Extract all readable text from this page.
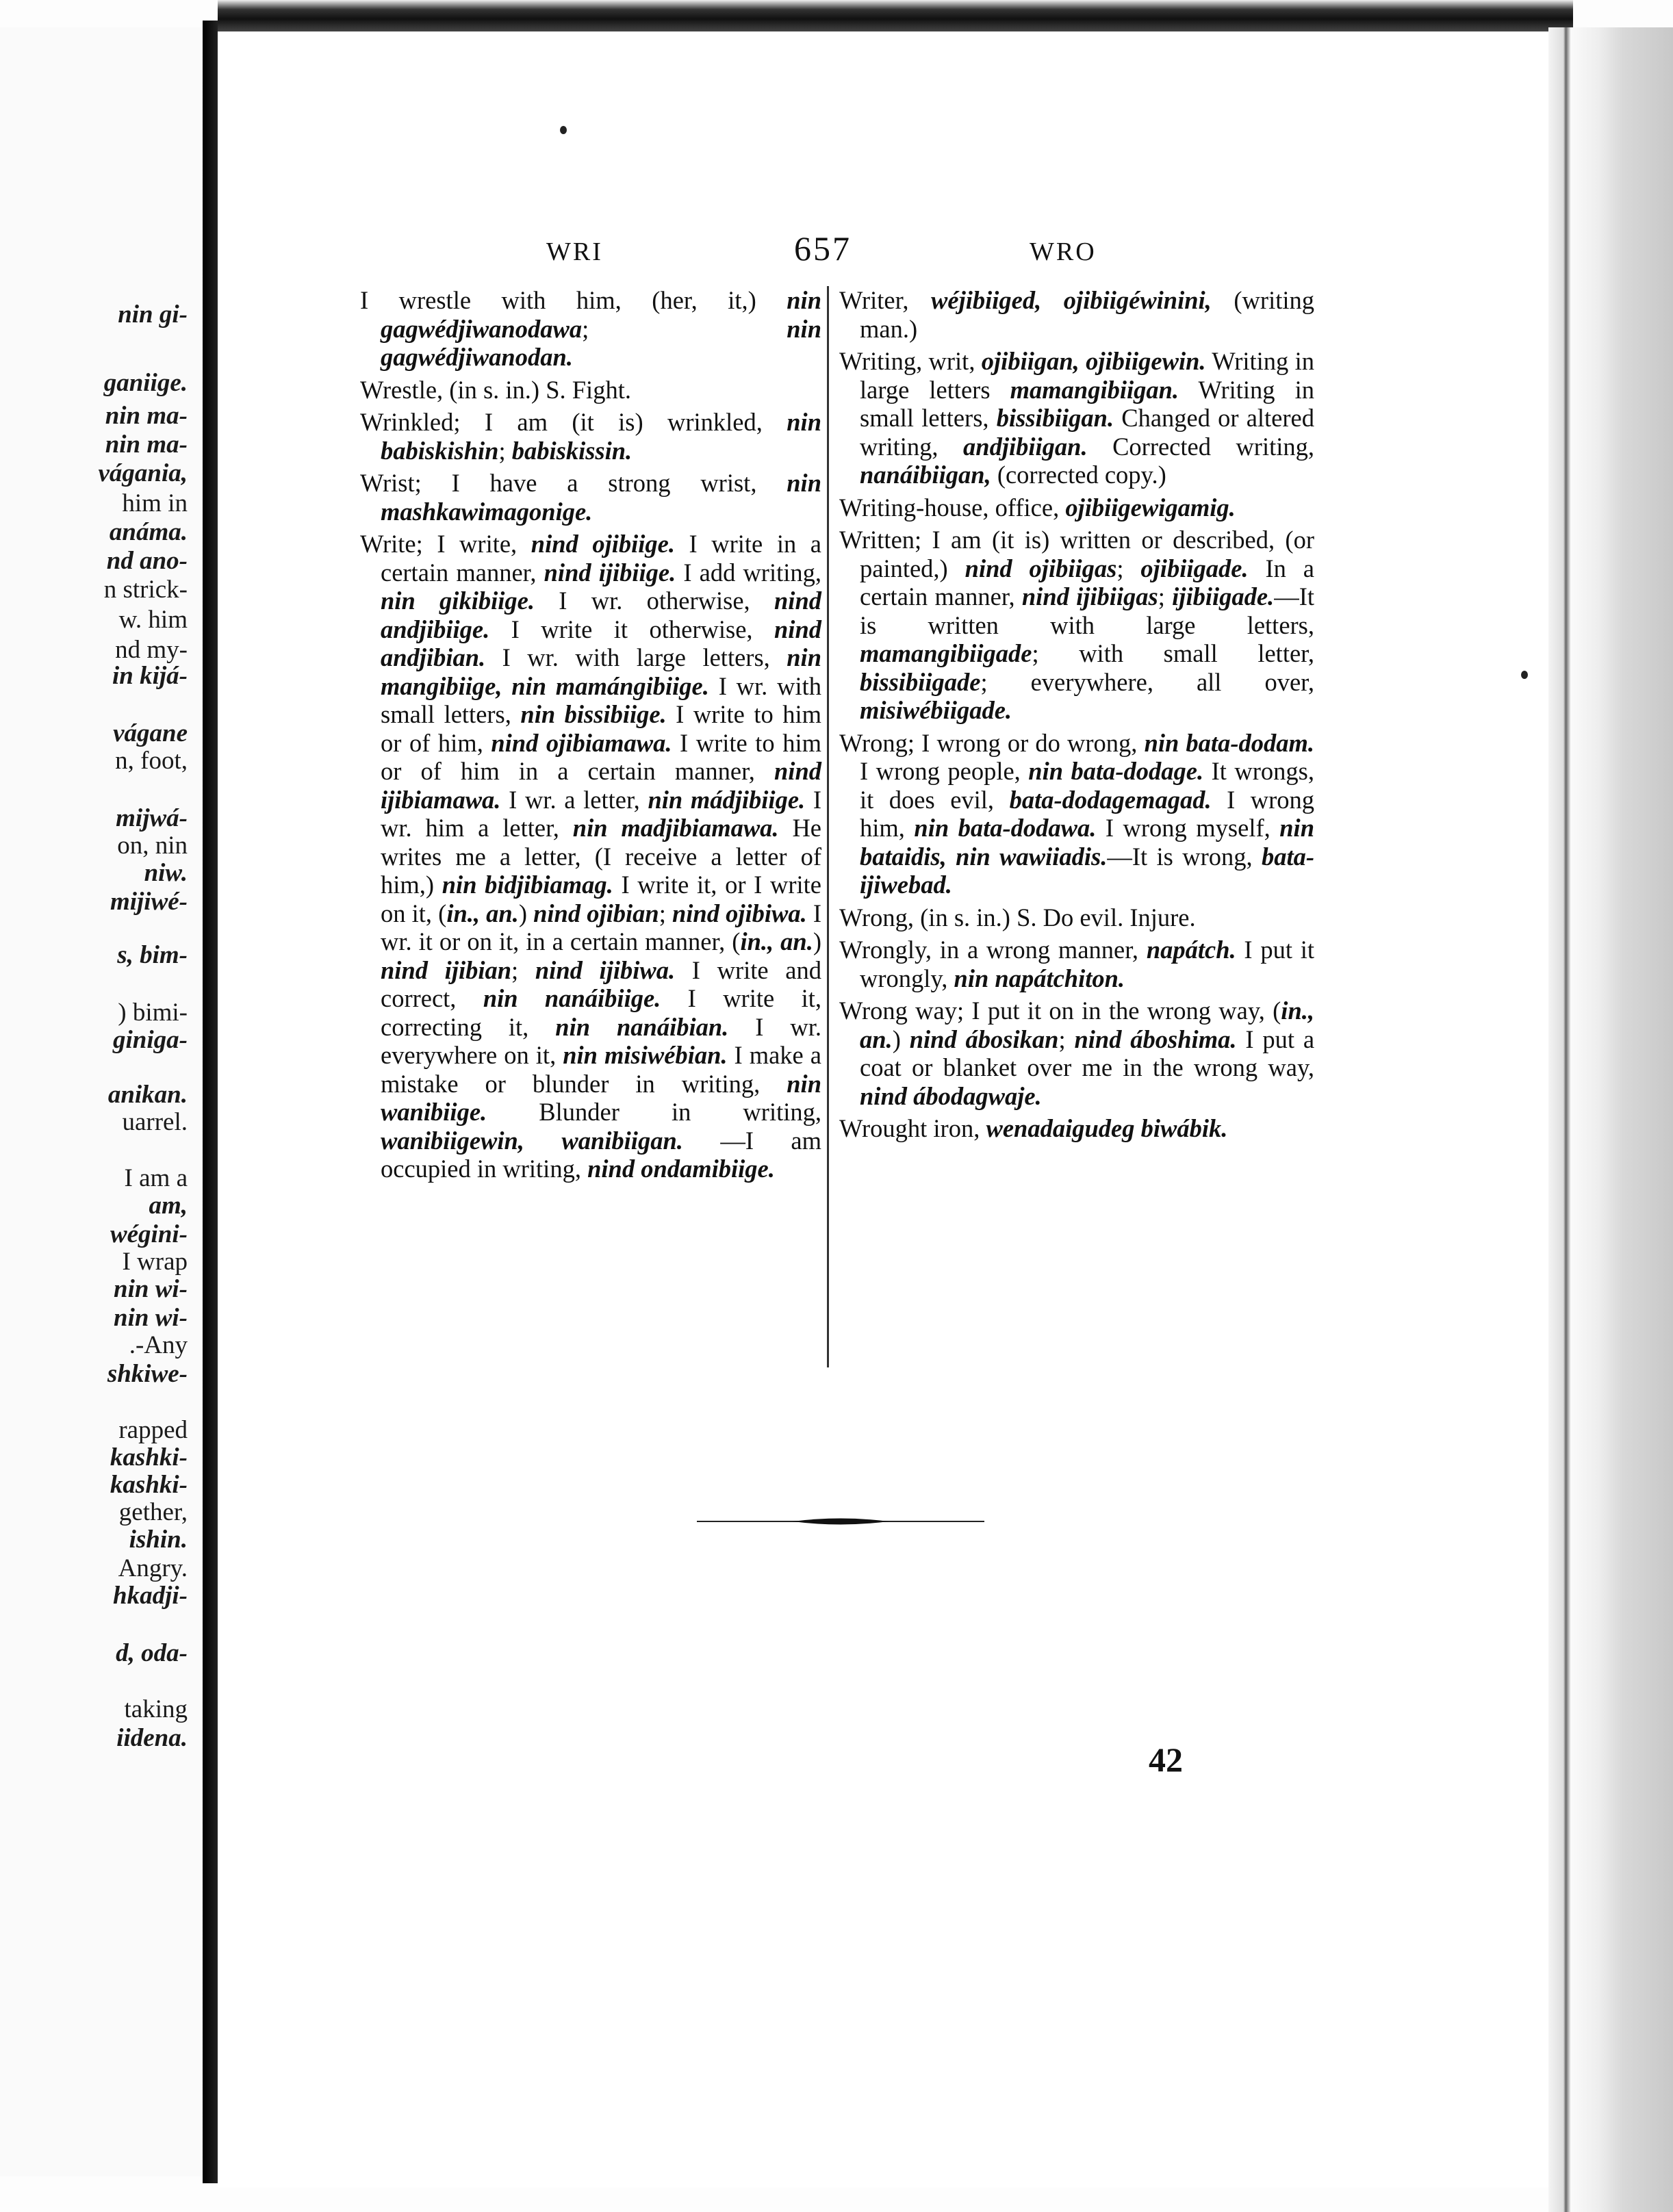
nin gi-
ganiige.
nin ma-
nin ma-
vágania,
him in
anáma.
nd ano-
n strick-
w. him
nd my-
in kijá-
vágane
n, foot,
mijwá-
on, nin
niw.
mijiwé-
s, bim-
) bimi-
giniga-
anikan.
uarrel.
I am a
am,
wégini-
I wrap
nin wi-
nin wi-
.-Any
shkiwe-
rapped
kashki-
kashki-
gether,
ishin.
Angry.
hkadji-
d, oda-
taking
iidena.
WRI	657	WRO
I wrestle with him, (her, it,) nin gagwédjiwanodawa; nin gagwédjiwanodan.
Wrestle, (in s. in.) S. Fight.
Wrinkled; I am (it is) wrinkled, nin babiskishin; babiskissin.
Wrist; I have a strong wrist, nin mashkawimagonige.
Write; I write, nind ojibiige. I write in a certain manner, nind ijibiige. I add writing, nin gikibiige. I wr. otherwise, nind andjibiige. I write it otherwise, nind andjibian. I wr. with large letters, nin mangibiige, nin mamángibiige. I wr. with small letters, nin bissibiige. I write to him or of him, nind ojibiamawa. I write to him or of him in a certain manner, nind ijibiamawa. I wr. a letter, nin mádjibiige. I wr. him a letter, nin madjibiamawa. He writes me a letter, (I receive a letter of him,) nin bidjibiamag. I write it, or I write on it, (in., an.) nind ojibian; nind ojibiwa. I wr. it or on it, in a certain manner, (in., an.) nind ijibian; nind ijibiwa. I write and correct, nin nanáibiige. I write it, correcting it, nin nanáibian. I wr. everywhere on it, nin misiwébian. I make a mistake or blunder in writing, nin wanibiige. Blunder in writing, wanibiigewin, wanibiigan. —I am occupied in writing, nind ondamibiige.
Writer, wéjibiiged, ojibiigéwinini, (writing man.)
Writing, writ, ojibiigan, ojibiigewin. Writing in large letters mamangibiigan. Writing in small letters, bissibiigan. Changed or altered writing, andjibiigan. Corrected writing, nanáibiigan, (corrected copy.)
Writing-house, office, ojibiigewigamig.
Written; I am (it is) written or described, (or painted,) nind ojibiigas; ojibiigade. In a certain manner, nind ijibiigas; ijibiigade.—It is written with large letters, mamangibiigade; with small letter, bissibiigade; everywhere, all over, misiwébiigade.
Wrong; I wrong or do wrong, nin bata-dodam. I wrong people, nin bata-dodage. It wrongs, it does evil, bata-dodagemagad. I wrong him, nin bata-dodawa. I wrong myself, nin bataidis, nin wawiiadis.—It is wrong, bata-ijiwebad.
Wrong, (in s. in.) S. Do evil. Injure.
Wrongly, in a wrong manner, napátch. I put it wrongly, nin napátchiton.
Wrong way; I put it on in the wrong way, (in., an.) nind ábosikan; nind áboshima. I put a coat or blanket over me in the wrong way, nind ábodagwaje.
Wrought iron, wenadaigudeg biwábik.
42
